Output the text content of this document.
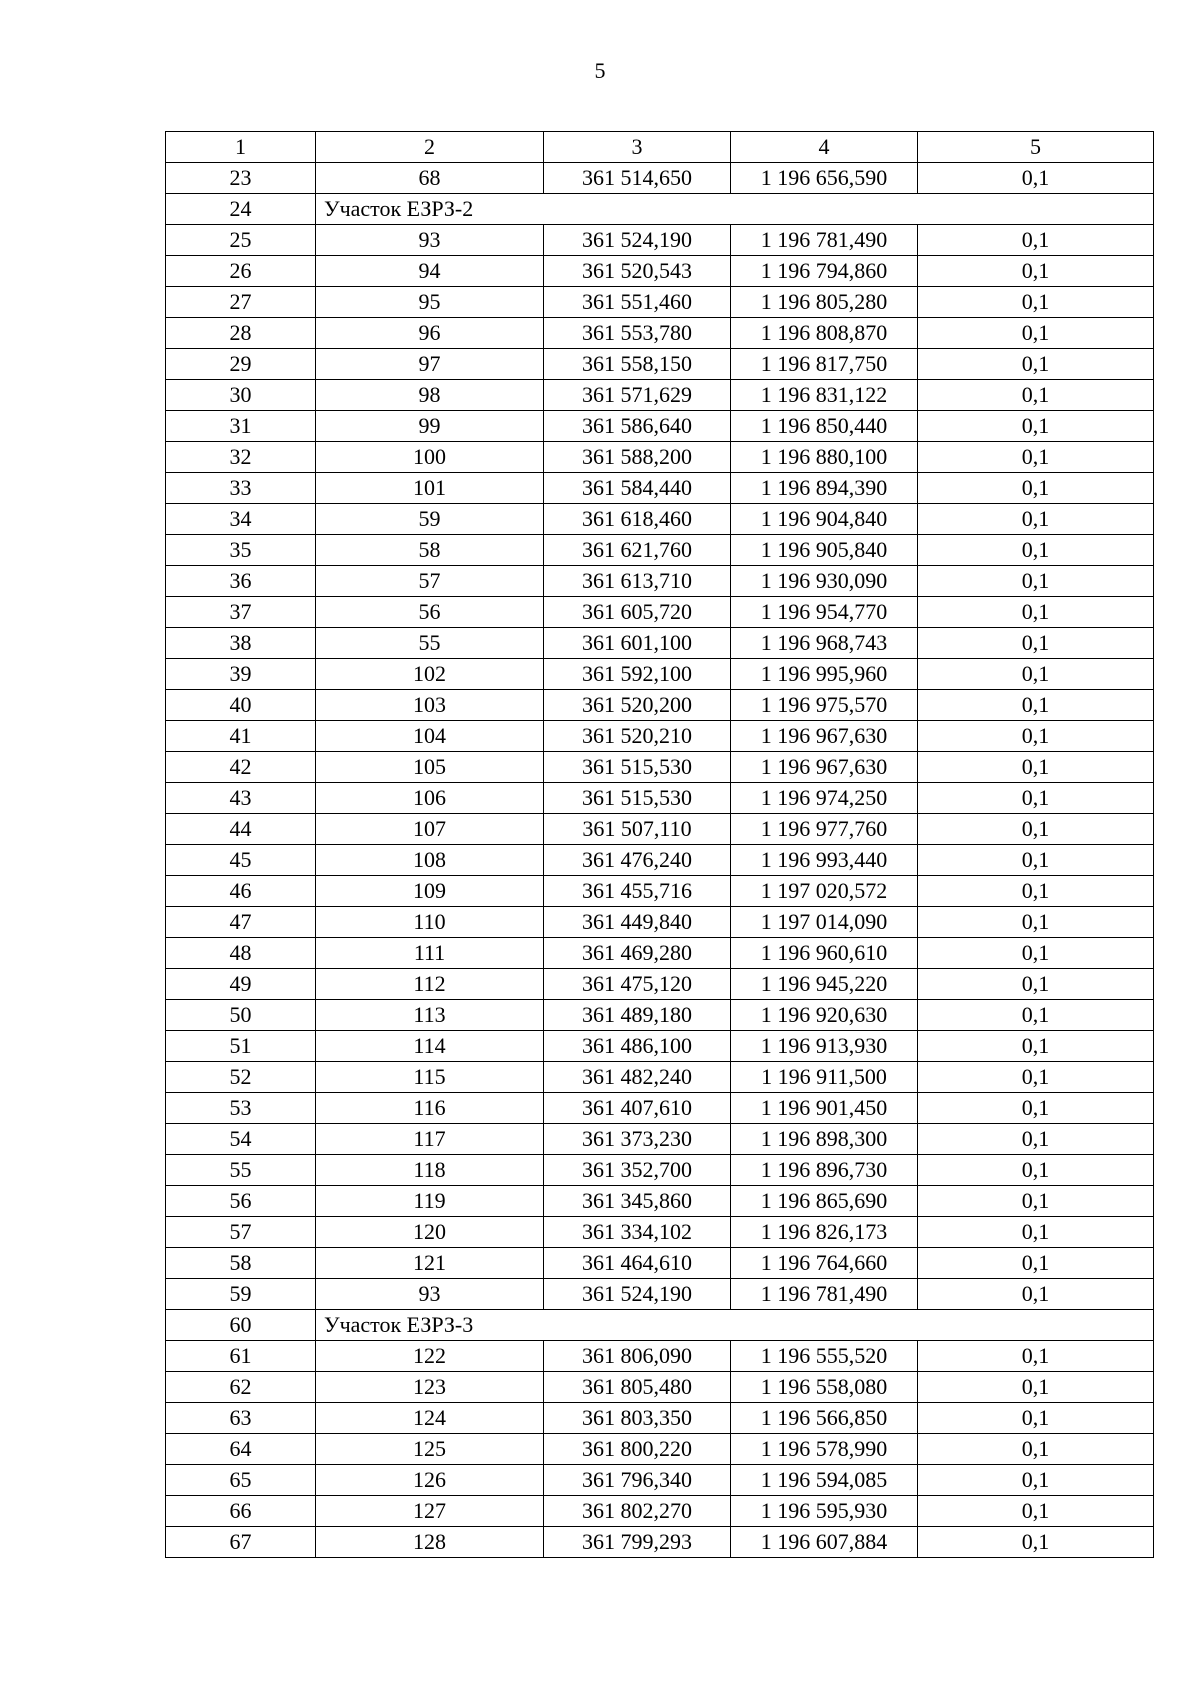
5
1	2	3	4	5
23	68	361 514,650	1 196 656,590	0,1
24	Участок ЕЗРЗ-2			
25	93	361 524,190	1 196 781,490	0,1
26	94	361 520,543	1 196 794,860	0,1
27	95	361 551,460	1 196 805,280	0,1
28	96	361 553,780	1 196 808,870	0,1
29	97	361 558,150	1 196 817,750	0,1
30	98	361 571,629	1 196 831,122	0,1
31	99	361 586,640	1 196 850,440	0,1
32	100	361 588,200	1 196 880,100	0,1
33	101	361 584,440	1 196 894,390	0,1
34	59	361 618,460	1 196 904,840	0,1
35	58	361 621,760	1 196 905,840	0,1
36	57	361 613,710	1 196 930,090	0,1
37	56	361 605,720	1 196 954,770	0,1
38	55	361 601,100	1 196 968,743	0,1
39	102	361 592,100	1 196 995,960	0,1
40	103	361 520,200	1 196 975,570	0,1
41	104	361 520,210	1 196 967,630	0,1
42	105	361 515,530	1 196 967,630	0,1
43	106	361 515,530	1 196 974,250	0,1
44	107	361 507,110	1 196 977,760	0,1
45	108	361 476,240	1 196 993,440	0,1
46	109	361 455,716	1 197 020,572	0,1
47	110	361 449,840	1 197 014,090	0,1
48	111	361 469,280	1 196 960,610	0,1
49	112	361 475,120	1 196 945,220	0,1
50	113	361 489,180	1 196 920,630	0,1
51	114	361 486,100	1 196 913,930	0,1
52	115	361 482,240	1 196 911,500	0,1
53	116	361 407,610	1 196 901,450	0,1
54	117	361 373,230	1 196 898,300	0,1
55	118	361 352,700	1 196 896,730	0,1
56	119	361 345,860	1 196 865,690	0,1
57	120	361 334,102	1 196 826,173	0,1
58	121	361 464,610	1 196 764,660	0,1
59	93	361 524,190	1 196 781,490	0,1
60	Участок ЕЗРЗ-3			
61	122	361 806,090	1 196 555,520	0,1
62	123	361 805,480	1 196 558,080	0,1
63	124	361 803,350	1 196 566,850	0,1
64	125	361 800,220	1 196 578,990	0,1
65	126	361 796,340	1 196 594,085	0,1
66	127	361 802,270	1 196 595,930	0,1
67	128	361 799,293	1 196 607,884	0,1
